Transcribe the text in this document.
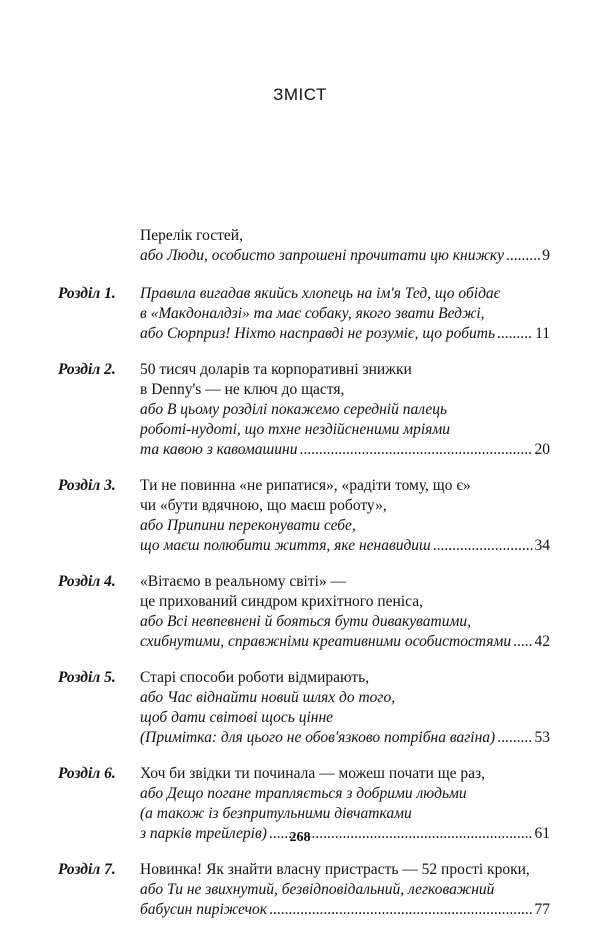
ЗМІСТ
Перелік гостей,
або Люди, особисто запрошені прочитати цю книжку ..... 9
Розділ 1. Правила вигадав якийсь хлопець на ім'я Тед, що обідає
в «Макдоналдзі» та має собаку, якого звати Веджі,
або Сюрприз! Ніхто насправді не розуміє, що робить .....	11
Розділ 2. 50 тисяч доларів та корпоративні знижки
в Denny's — не ключ до щастя,
або В цьому розділі покажемо середній палець
роботі-нудоті, що тхне нездійсненими мріями
та кавою з кавомашини .....	20
Розділ 3. Ти не повинна «не рипатися», «радіти тому, що є»
чи «бути вдячною, що маєш роботу»,
або Припини переконувати себе,
що маєш полюбити життя, яке ненавидиш .....	34
Розділ 4. «Вітаємо в реальному світі» —
це прихований синдром крихітного пеніса,
або Всі невпевнені й бояться бути дивакуватими,
схибнутими, справжніми креативними особистостями ..... 42
Розділ 5. Старі способи роботи відмирають,
або Час віднайти новий шлях до того,
щоб дати світові щось цінне
(Примітка: для цього не обов'язково потрібна вагіна) .....	53
Розділ 6. Хоч би звідки ти починала — можеш почати ще раз,
або Дещо погане трапляється з добрими людьми
(а також із безпритульними дівчатками
з парків трейлерів) .....	61
Розділ 7. Новинка! Як знайти власну пристрасть — 52 прості кроки,
або Ти не звихнутий, безвідповідальний, легковажний
бабусин пиріжечок .....	77
268
